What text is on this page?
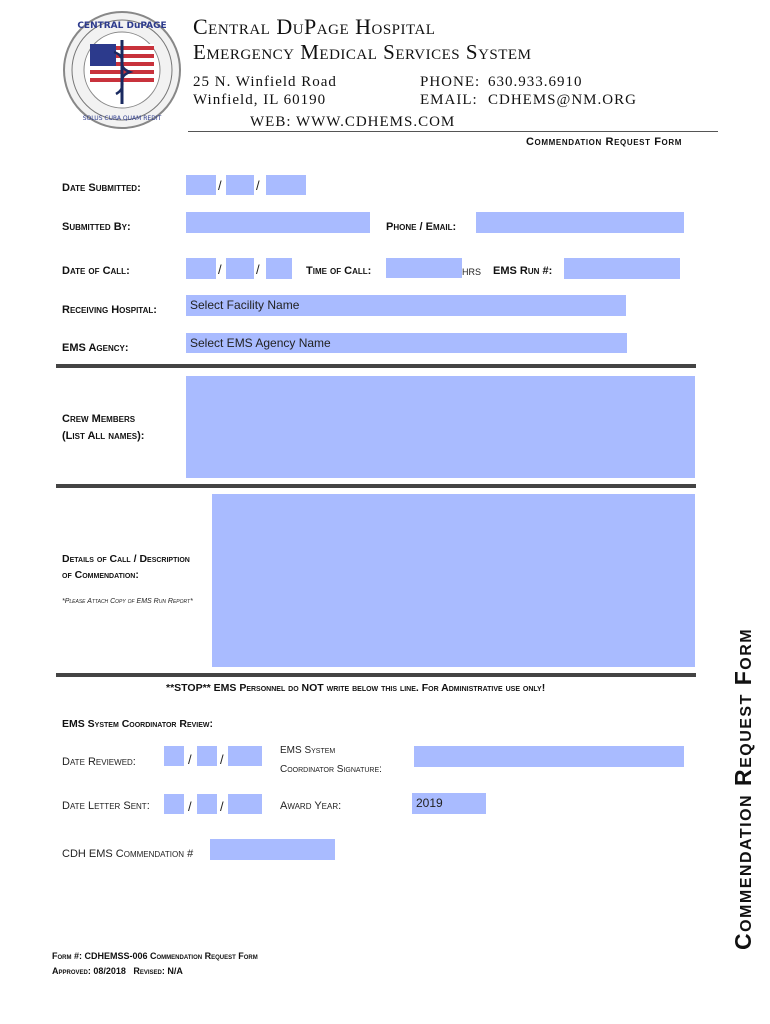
CENTRAL DuPAGE
SOLUS CURA QUAM REDIT
Central DuPage Hospital
Emergency Medical Services System
25 N. Winfield Road
Winfield, IL 60190
PHONE: 630.933.6910
EMAIL: CDHEMS@NM.ORG
WEB: WWW.CDHEMS.COM
Commendation Request Form
Date Submitted:	/	/
Submitted By:	Phone / Email:
Date of Call:	/	/	Time of Call:	HRS EMS Run #:
Receiving Hospital:	Select Facility Name
EMS Agency:	Select EMS Agency Name
Crew Members
(List All names):
Details of Call / Description
of Commendation:
*Please Attach Copy of EMS Run Report*
**STOP** EMS Personnel do NOT write below this line. For Administrative use only!
EMS System Coordinator Review:
Date Reviewed:	/ /
EMS System
Coordinator Signature:
Date Letter Sent:	/ /	Award Year:	2019
CDH EMS Commendation #	Commendation Request Form
Form #: CDHEMSS-006 Commendation Request Form
Approved: 08/2018   Revised: N/A
